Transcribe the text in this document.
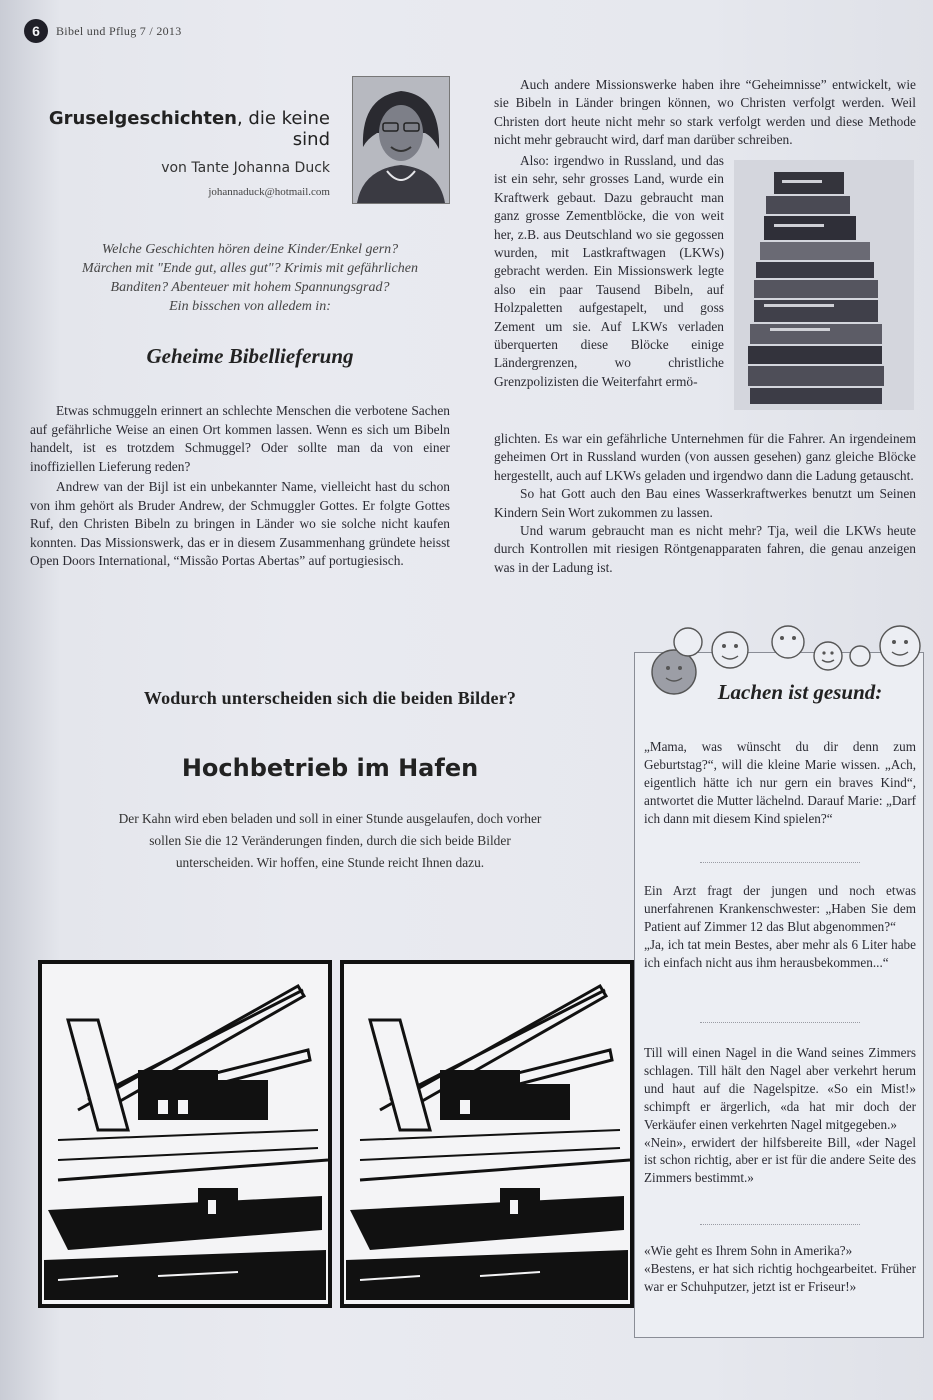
6	Bibel und Pflug 7 / 2013
Gruselgeschichten, die keine sind
von Tante Johanna Duck
johannaduck@hotmail.com
Welche Geschichten hören deine Kinder/Enkel gern?
Märchen mit "Ende gut, alles gut"? Krimis mit gefährlichen
Banditen? Abenteuer mit hohem Spannungsgrad?
Ein bisschen von alledem in:
Geheime Bibellieferung

Etwas schmuggeln erinnert an schlechte Menschen die verbotene Sachen auf gefährliche Weise an einen Ort kommen lassen. Wenn es sich um Bibeln handelt, ist es trotzdem Schmuggel? Oder sollte man da von einer inoffiziellen Lieferung reden?

Andrew van der Bijl ist ein unbekannter Name, vielleicht hast du schon von ihm gehört als Bruder Andrew, der Schmuggler Gottes. Er folgte Gottes Ruf, den Christen Bibeln zu bringen in Länder wo sie solche nicht kaufen konnten. Das Missionswerk, das er in diesem Zusammenhang gründete heisst Open Doors International, “Missão Portas Abertas” auf portugiesisch.

Auch andere Missionswerke haben ihre “Geheimnisse” entwickelt, wie sie Bibeln in Länder bringen können, wo Christen verfolgt werden. Weil Christen dort heute nicht mehr so stark verfolgt werden und diese Methode nicht mehr gebraucht wird, darf man darüber schreiben.

Also: irgendwo in Russland, und das ist ein sehr, sehr grosses Land, wurde ein Kraftwerk gebaut. Dazu gebraucht man ganz grosse Zementblöcke, die von weit her, z.B. aus Deutschland wo sie gegossen wurden, mit Lastkraftwagen (LKWs) gebracht werden. Ein Missionswerk legte also ein paar Tausend Bibeln, auf Holzpaletten aufgestapelt, und goss Zement um sie. Auf LKWs verladen überquerten diese Blöcke einige Ländergrenzen, wo christliche Grenzpolizisten die Weiterfahrt ermö-

glichten. Es war ein gefährliche Unternehmen für die Fahrer. An irgendeinem geheimen Ort in Russland wurden (von aussen gesehen) ganz gleiche Blöcke hergestellt, auch auf LKWs geladen und irgendwo dann die Ladung getauscht.

So hat Gott auch den Bau eines Wasserkraftwerkes benutzt um Seinen Kindern Sein Wort zukommen zu lassen.

Und warum gebraucht man es nicht mehr? Tja, weil die LKWs heute durch Kontrollen mit riesigen Röntgenapparaten fahren, die genau anzeigen was in der Ladung ist.

Wodurch unterscheiden sich die beiden Bilder?
Hochbetrieb im Hafen
Der Kahn wird eben beladen und soll in einer Stunde ausgelaufen, doch vorher
sollen Sie die 12 Veränderungen finden, durch die sich beide Bilder
unterscheiden. Wir hoffen, eine Stunde reicht Ihnen dazu.
Lachen ist gesund:

„Mama, was wünscht du dir denn zum Geburtstag?“, will die kleine Marie wissen. „Ach, eigentlich hätte ich nur gern ein braves Kind“, antwortet die Mutter lächelnd. Darauf Marie: „Darf ich dann mit diesem Kind spielen?“

Ein Arzt fragt der jungen und noch etwas unerfahrenen Krankenschwester: „Haben Sie dem Patient auf Zimmer 12 das Blut abgenommen?“

„Ja, ich tat mein Bestes, aber mehr als 6 Liter habe ich einfach nicht aus ihm herausbekommen...“

Till will einen Nagel in die Wand seines Zimmers schlagen. Till hält den Nagel aber verkehrt herum und haut auf die Nagelspitze. «So ein Mist!» schimpft er ärgerlich, «da hat mir doch der Verkäufer einen verkehrten Nagel mitgegeben.»

«Nein», erwidert der hilfsbereite Bill, «der Nagel ist schon richtig, aber er ist für die andere Seite des Zimmers bestimmt.»

«Wie geht es Ihrem Sohn in Amerika?»

«Bestens, er hat sich richtig hochgearbeitet. Früher war er Schuhputzer, jetzt ist er Friseur!»
